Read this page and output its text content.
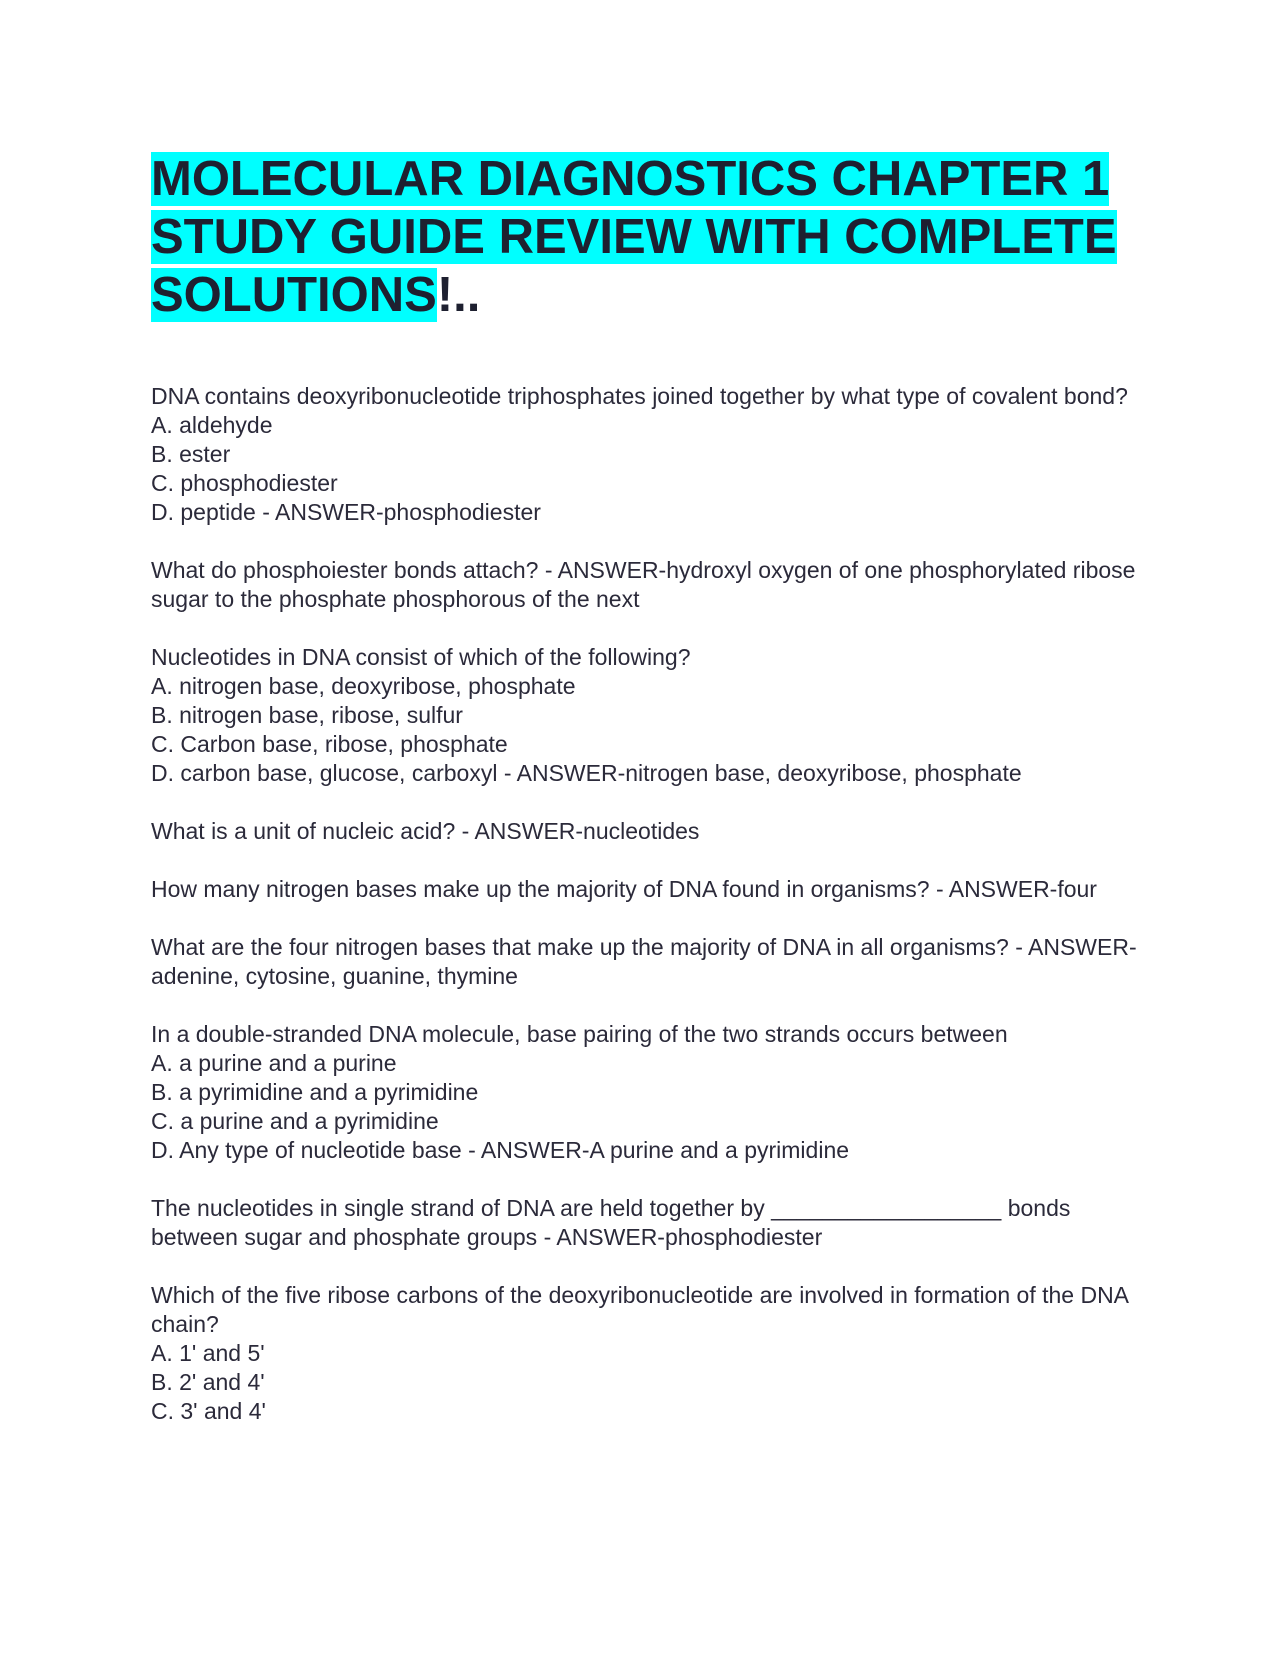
MOLECULAR DIAGNOSTICS CHAPTER 1 STUDY GUIDE REVIEW WITH COMPLETE SOLUTIONS!..

DNA contains deoxyribonucleotide triphosphates joined together by what type of covalent bond?
A. aldehyde
B. ester
C. phosphodiester
D. peptide - ANSWER-phosphodiester

What do phosphoiester bonds attach? - ANSWER-hydroxyl oxygen of one phosphorylated ribose sugar to the phosphate phosphorous of the next

Nucleotides in DNA consist of which of the following?
A. nitrogen base, deoxyribose, phosphate
B. nitrogen base, ribose, sulfur
C. Carbon base, ribose, phosphate
D. carbon base, glucose, carboxyl - ANSWER-nitrogen base, deoxyribose, phosphate

What is a unit of nucleic acid? - ANSWER-nucleotides

How many nitrogen bases make up the majority of DNA found in organisms? - ANSWER-four

What are the four nitrogen bases that make up the majority of DNA in all organisms? - ANSWER-adenine, cytosine, guanine, thymine

In a double-stranded DNA molecule, base pairing of the two strands occurs between
A. a purine and a purine
B. a pyrimidine and a pyrimidine
C. a purine and a pyrimidine
D. Any type of nucleotide base - ANSWER-A purine and a pyrimidine

The nucleotides in single strand of DNA are held together by __________________ bonds between sugar and phosphate groups - ANSWER-phosphodiester

Which of the five ribose carbons of the deoxyribonucleotide are involved in formation of the DNA chain?
A. 1' and 5'
B. 2' and 4'
C. 3' and 4'
